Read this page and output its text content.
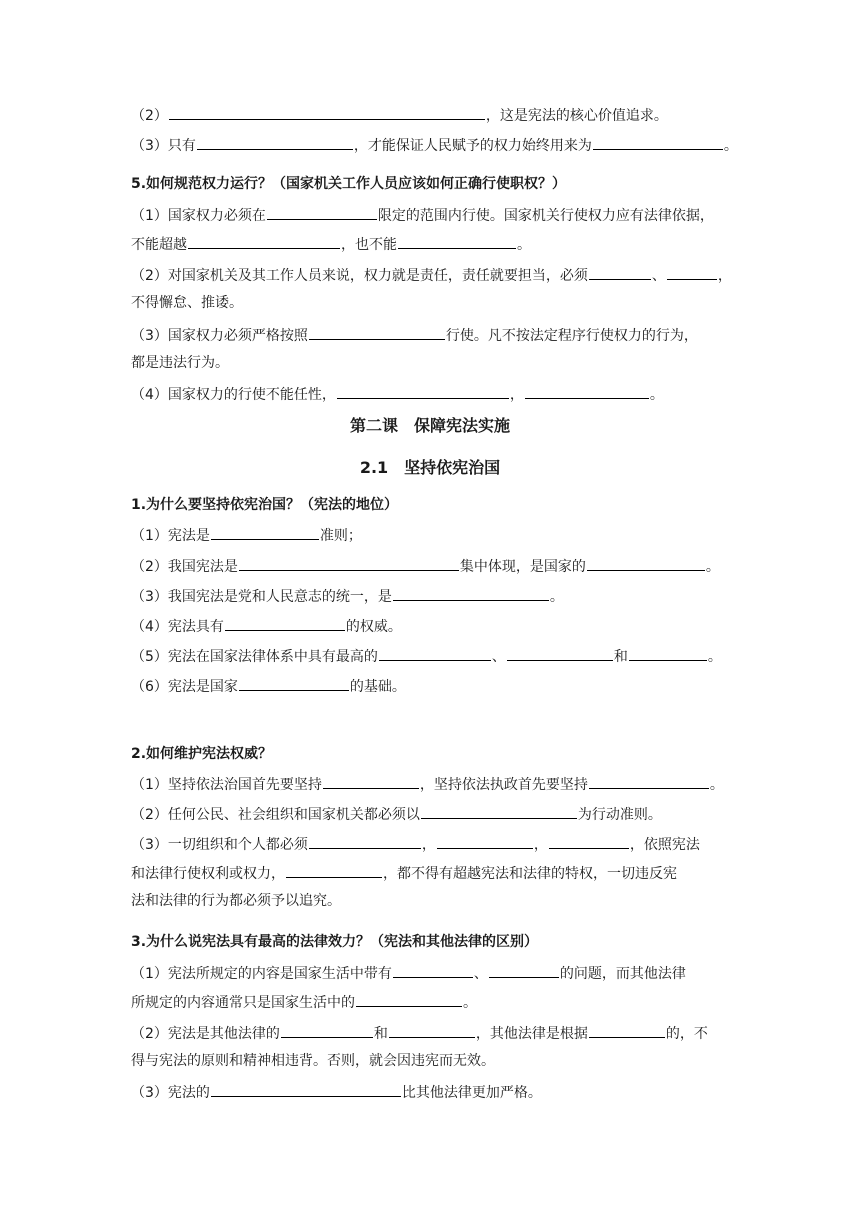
（2）	，这是宪法的核心价值追求。
（3）只有	，才能保证人民赋予的权力始终用来为	。
5.如何规范权力运行？（国家机关工作人员应该如何正确行使职权？）
（1）国家权力必须在	限定的范围内行使。国家机关行使权力应有法律依据，
不能超越	，也不能	。
（2）对国家机关及其工作人员来说，权力就是责任，责任就要担当，必须	、	，
不得懈怠、推诿。
（3）国家权力必须严格按照	行使。凡不按法定程序行使权力的行为，
都是违法行为。
（4）国家权力的行使不能任性，	，	。
第二课　保障宪法实施
2.1　坚持依宪治国
1.为什么要坚持依宪治国？（宪法的地位）
（1）宪法是	准则；
（2）我国宪法是	集中体现，是国家的	。
（3）我国宪法是党和人民意志的统一，是	。
（4）宪法具有	的权威。
（5）宪法在国家法律体系中具有最高的	、	和	。
（6）宪法是国家	的基础。
2.如何维护宪法权威？
（1）坚持依法治国首先要坚持	，坚持依法执政首先要坚持	。
（2）任何公民、社会组织和国家机关都必须以	为行动准则。
（3）一切组织和个人都必须	，	，	，依照宪法
和法律行使权利或权力，	，都不得有超越宪法和法律的特权，一切违反宪
法和法律的行为都必须予以追究。
3.为什么说宪法具有最高的法律效力？（宪法和其他法律的区别）
（1）宪法所规定的内容是国家生活中带有	、	的问题，而其他法律
所规定的内容通常只是国家生活中的	。
（2）宪法是其他法律的	和	，其他法律是根据	的，不
得与宪法的原则和精神相违背。否则，就会因违宪而无效。
（3）宪法的	比其他法律更加严格。
